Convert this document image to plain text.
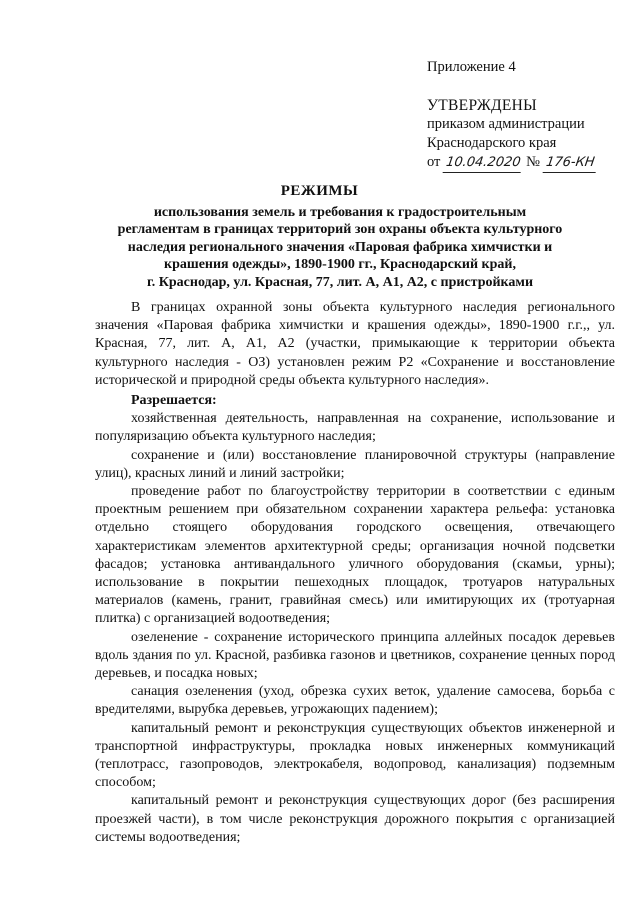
Приложение 4
УТВЕРЖДЕНЫ
приказом администрации
Краснодарского края
от 10.04.2020 № 176-КН
РЕЖИМЫ
использования земель и требования к градостроительным
регламентам в границах территорий зон охраны объекта культурного
наследия регионального значения «Паровая фабрика химчистки и
крашения одежды», 1890-1900 гг., Краснодарский край,
г. Краснодар, ул. Красная, 77, лит. А, А1, А2, с пристройками

В границах охранной зоны объекта культурного наследия регионального значения «Паровая фабрика химчистки и крашения одежды», 1890-1900 г.г.,, ул. Красная, 77, лит. А, А1, А2 (участки, примыкающие к территории объекта культурного наследия - ОЗ) установлен режим Р2 «Сохранение и восстановление исторической и природной среды объекта культурного наследия».

Разрешается:

хозяйственная деятельность, направленная на сохранение, использование и популяризацию объекта культурного наследия;

сохранение и (или) восстановление планировочной структуры (направление улиц), красных линий и линий застройки;

проведение работ по благоустройству территории в соответствии с единым проектным решением при обязательном сохранении характера рельефа: установка отдельно стоящего оборудования городского освещения, отвечающего характеристикам элементов архитектурной среды; организация ночной подсветки фасадов; установка антивандального уличного оборудования (скамьи, урны); использование в покрытии пешеходных площадок, тротуаров натуральных материалов (камень, гранит, гравийная смесь) или имитирующих их (тротуарная плитка) с организацией водоотведения;

озеленение - сохранение исторического принципа аллейных посадок деревьев вдоль здания по ул. Красной, разбивка газонов и цветников, сохранение ценных пород деревьев, и посадка новых;

санация озеленения (уход, обрезка сухих веток, удаление самосева, борьба с вредителями, вырубка деревьев, угрожающих падением);

капитальный ремонт и реконструкция существующих объектов инженерной и транспортной инфраструктуры, прокладка новых инженерных коммуникаций (теплотрасс, газопроводов, электрокабеля, водопровод, канализация) подземным способом;

капитальный ремонт и реконструкция существующих дорог (без расширения проезжей части), в том числе реконструкция дорожного покрытия с организацией системы водоотведения;
